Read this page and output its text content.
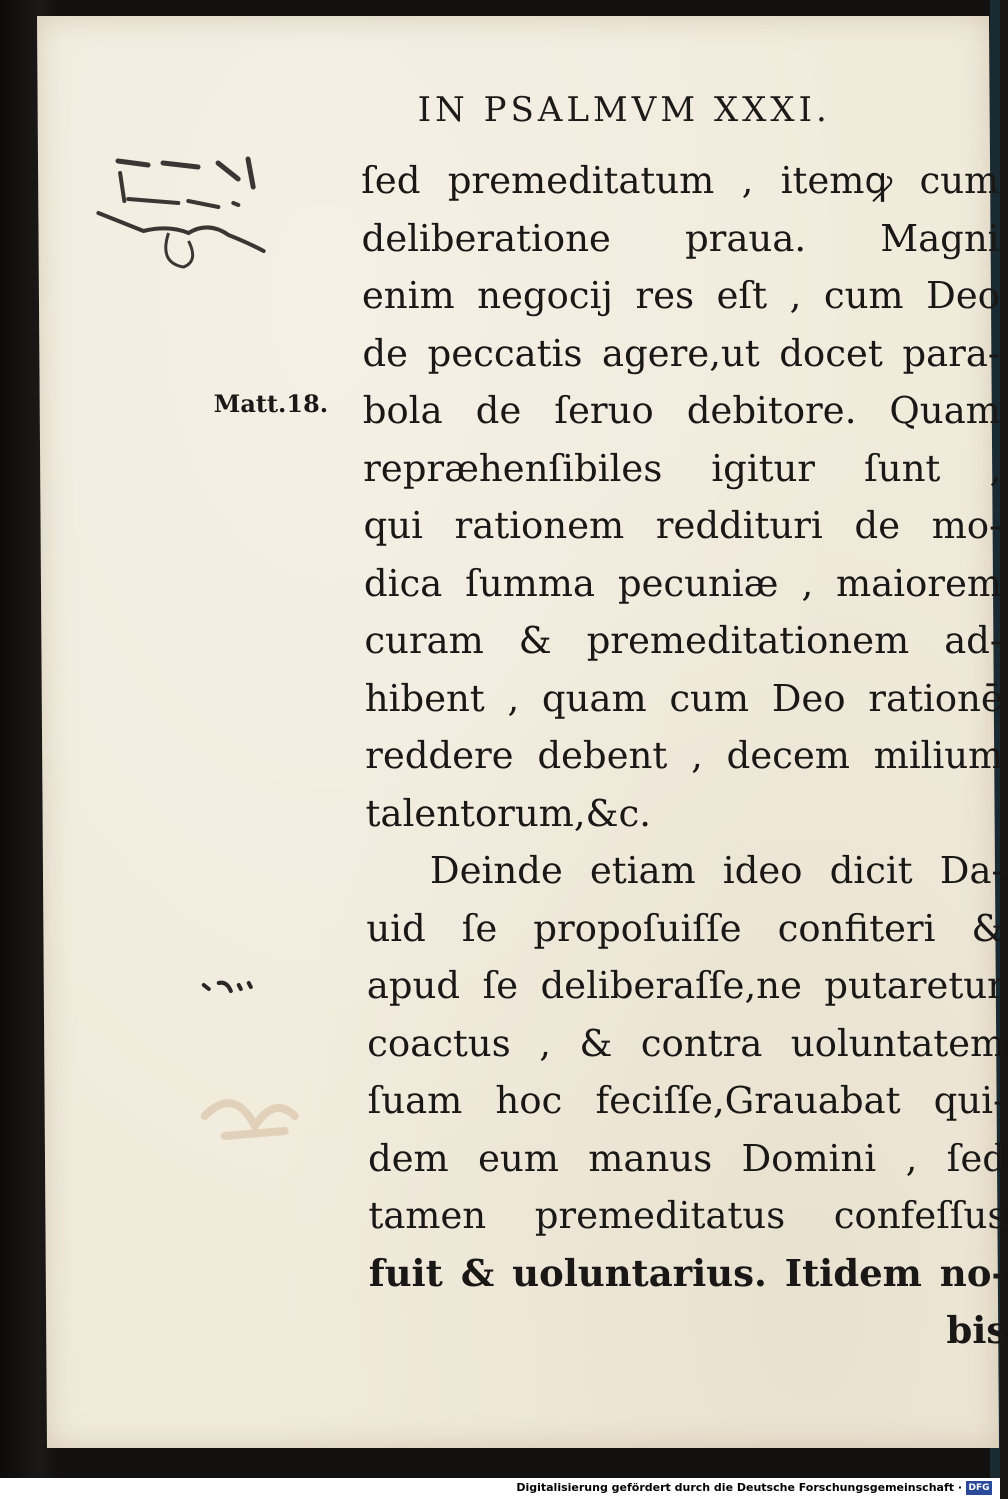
IN PSALMVM XXXI.
Matt.18.
ſed premeditatum , itemꝙ cum
deliberatione praua. Magni
enim negocij res eſt , cum Deo
de peccatis agere,ut docet para-
bola de ſeruo debitore. Quam
repræhenſibiles igitur ſunt ,
qui rationem reddituri de mo-
dica ſumma pecuniæ , maiorem
curam & premeditationem ad-
hibent , quam cum Deo rationē
reddere debent , decem milium
talentorum,&c.
Deinde etiam ideo dicit Da-
uid ſe propoſuiſſe confiteri &
apud ſe deliberaſſe,ne putaretur
coactus , & contra uoluntatem
ſuam hoc feciſſe,Grauabat qui-
dem eum manus Domini , ſed
tamen premeditatus confeſſus
fuit & uoluntarius. Itidem no-
bis
Digitalisierung gefördert durch die Deutsche Forschungsgemeinschaft · DFG
